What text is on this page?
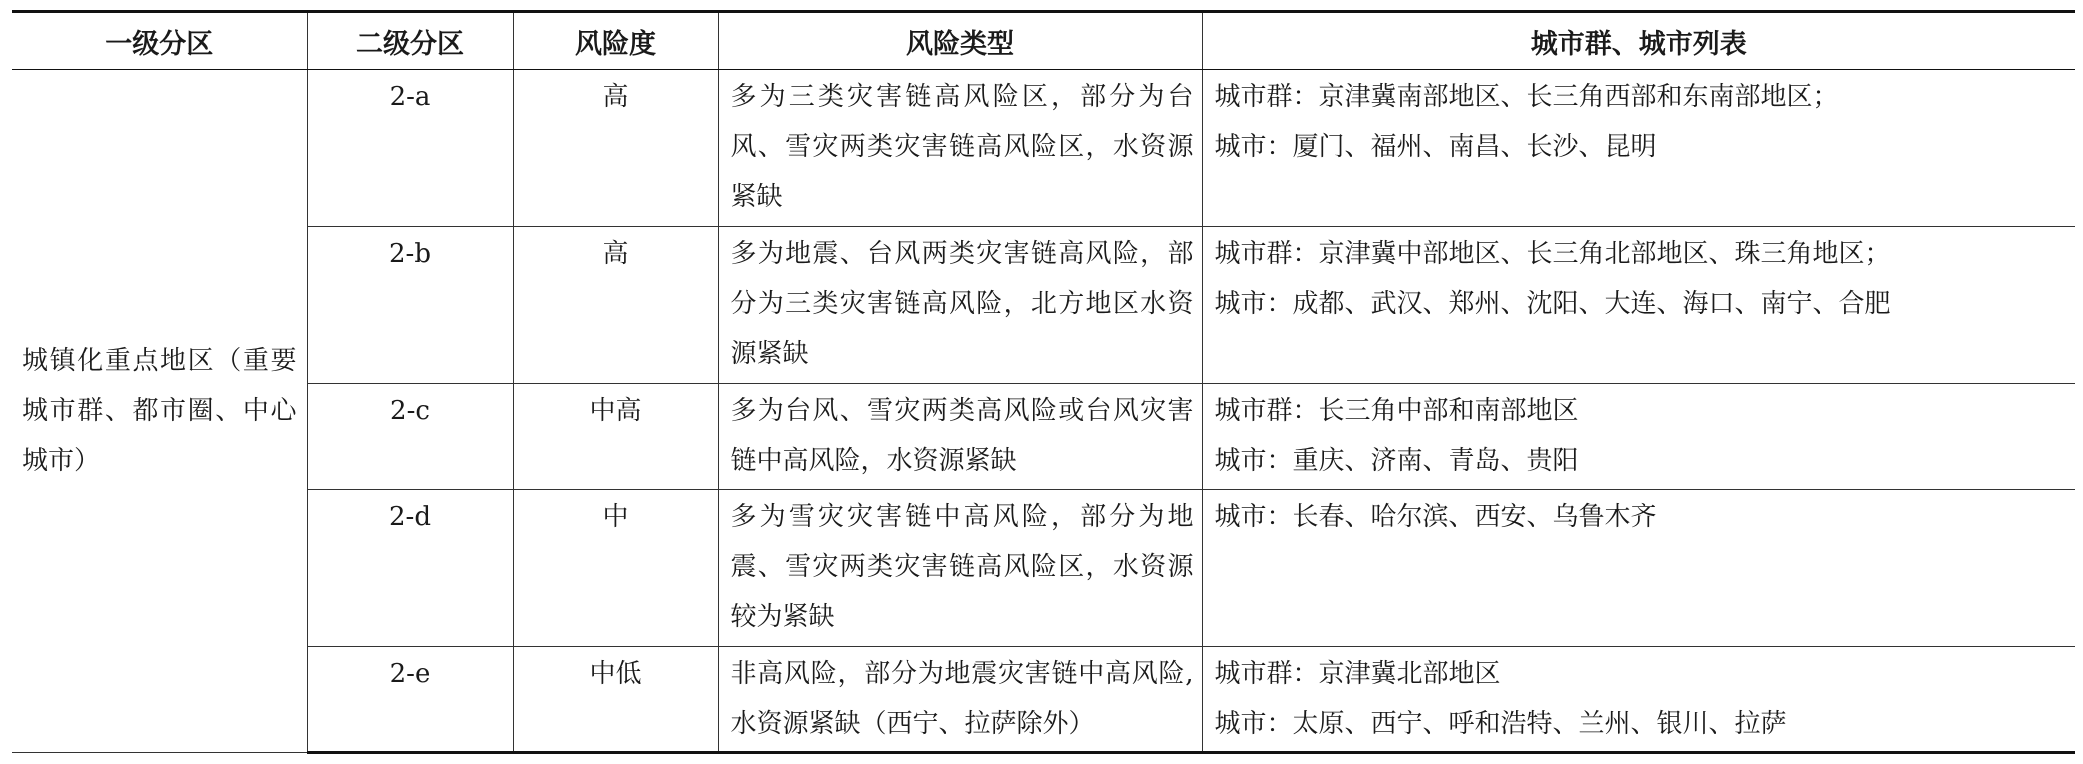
一级分区	二级分区	风险度	风险类型	城市群、城市列表
城镇化重点地区（重要城市群、都市圈、中心城市）	2-a	高	多为三类灾害链高风险区，部分为台风、雪灾两类灾害链高风险区，水资源紧缺	城市群：京津冀南部地区、长三角西部和东南部地区；
城市：厦门、福州、南昌、长沙、昆明

	2-b	高	多为地震、台风两类灾害链高风险，部分为三类灾害链高风险，北方地区水资源紧缺	城市群：京津冀中部地区、长三角北部地区、珠三角地区；
城市：成都、武汉、郑州、沈阳、大连、海口、南宁、合肥

	2-c	中高	多为台风、雪灾两类高风险或台风灾害链中高风险，水资源紧缺	城市群：长三角中部和南部地区
城市：重庆、济南、青岛、贵阳

	2-d	中	多为雪灾灾害链中高风险，部分为地震、雪灾两类灾害链高风险区，水资源较为紧缺	城市：长春、哈尔滨、西安、乌鲁木齐

	2-e	中低	非高风险，部分为地震灾害链中高风险,水资源紧缺（西宁、拉萨除外）	城市群：京津冀北部地区
城市：太原、西宁、呼和浩特、兰州、银川、拉萨
